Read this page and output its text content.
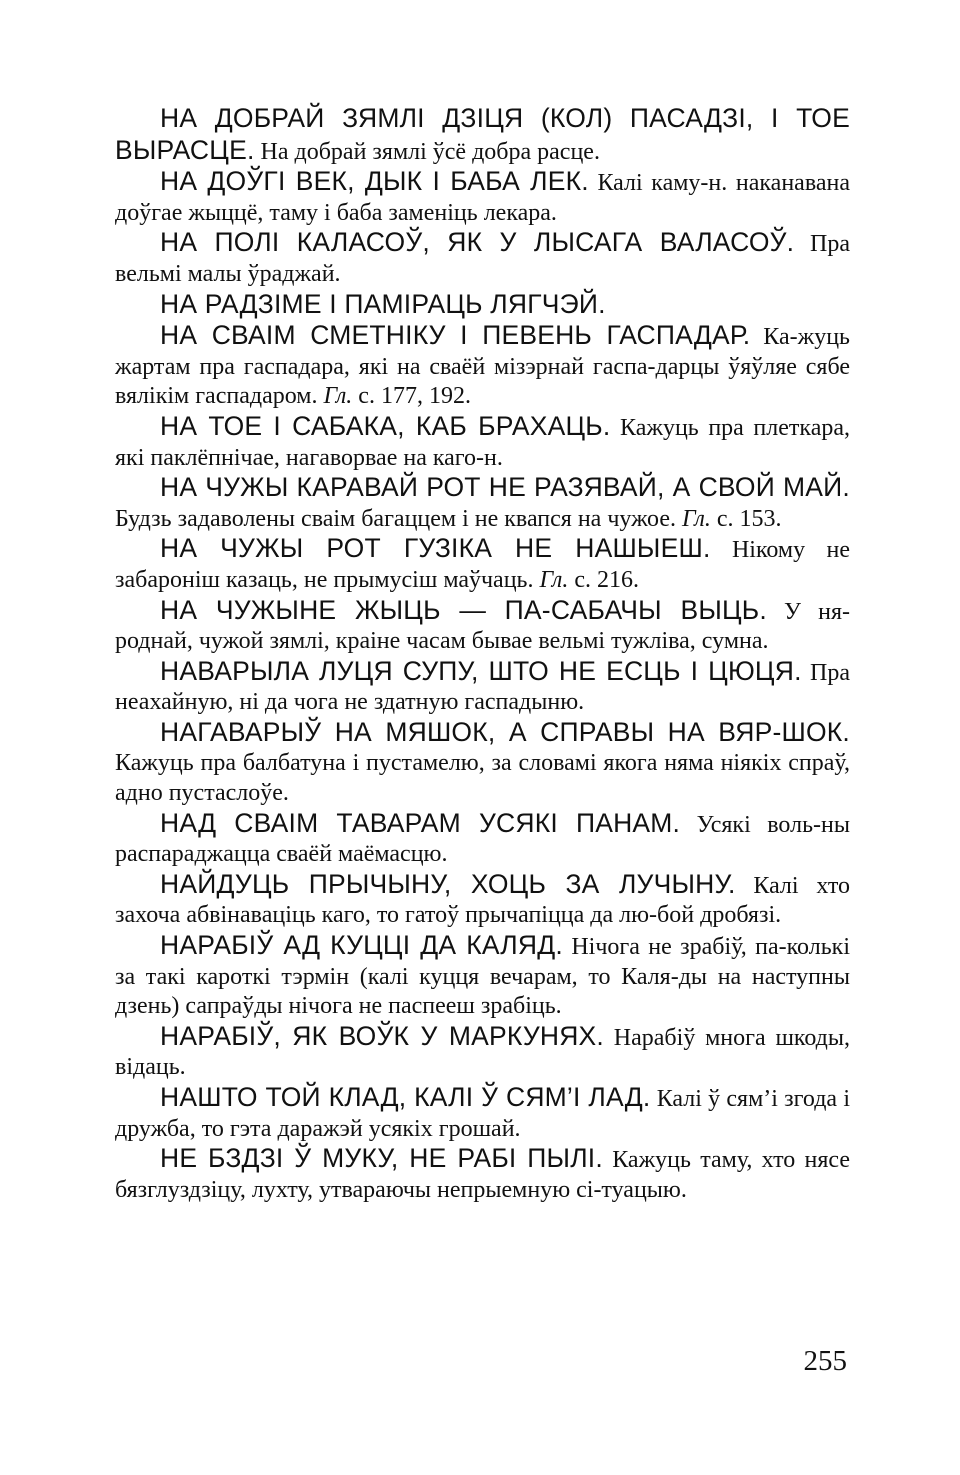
НА ДОБРАЙ ЗЯМЛІ ДЗІЦЯ (КОЛ) ПАСАДЗІ, І ТОЕ ВЫРАСЦЕ. На добрай зямлі ўсё добра расце.

НА ДОЎГІ ВЕК, ДЫК І БАБА ЛЕК. Калі каму-н. наканавана доўгае жыццё, таму і баба заменіць лекара.

НА ПОЛІ КАЛАСОЎ, ЯК У ЛЫСАГА ВАЛАСОЎ. Пра вельмі малы ўраджай.

НА РАДЗІМЕ І ПАМІРАЦЬ ЛЯГЧЭЙ.

НА СВАІМ СМЕТНІКУ І ПЕВЕНЬ ГАСПАДАР. Ка-жуць жартам пра гаспадара, які на сваёй мізэрнай гаспа-дарцы ўяўляе сябе вялікім гаспадаром. Гл. с. 177, 192.

НА ТОЕ І САБАКА, КАБ БРАХАЦЬ. Кажуць пра плеткара, які паклёпнічае, нагаворвае на каго-н.

НА ЧУЖЫ КАРАВАЙ РОТ НЕ РАЗЯВАЙ, А СВОЙ МАЙ. Будзь задаволены сваім багаццем і не квапся на чужое. Гл. с. 153.

НА ЧУЖЫ РОТ ГУЗІКА НЕ НАШЫЕШ. Нікому не забароніш казаць, не прымусіш маўчаць. Гл. с. 216.

НА ЧУЖЫНЕ ЖЫЦЬ — ПА-САБАЧЫ ВЫЦЬ. У ня-роднай, чужой зямлі, краіне часам бывае вельмі тужліва, сумна.

НАВАРЫЛА ЛУЦЯ СУПУ, ШТО НЕ ЕСЦЬ І ЦЮЦЯ. Пра неахайную, ні да чога не здатную гаспадыню.

НАГАВАРЫЎ НА МЯШОК, А СПРАВЫ НА ВЯР-ШОК. Кажуць пра балбатуна і пустамелю, за словамі якога няма ніякіх спраў, адно пустаслоўе.

НАД СВАІМ ТАВАРАМ УСЯКІ ПАНАМ. Усякі воль-ны распараджацца сваёй маёмасцю.

НАЙДУЦЬ ПРЫЧЫНУ, ХОЦЬ ЗА ЛУЧЫНУ. Калі хто захоча абвінаваціць каго, то гатоў прычапіцца да лю-бой дробязі.

НАРАБІЎ АД КУЦЦІ ДА КАЛЯД. Нічога не зрабіў, па-колькі за такі кароткі тэрмін (калі куцця вечарам, то Каля-ды на наступны дзень) сапраўды нічога не паспееш зрабіць.

НАРАБІЎ, ЯК ВОЎК У МАРКУНЯХ. Нарабіў многа шкоды, відаць.

НАШТО ТОЙ КЛАД, КАЛІ Ў СЯМ’І ЛАД. Калі ў сям’і згода і дружба, то гэта даражэй усякіх грошай.

НЕ БЗДЗІ Ў МУКУ, НЕ РАБІ ПЫЛІ. Кажуць таму, хто нясе бязглуздзіцу, лухту, утвараючы непрыемную сі-туацыю.

255
